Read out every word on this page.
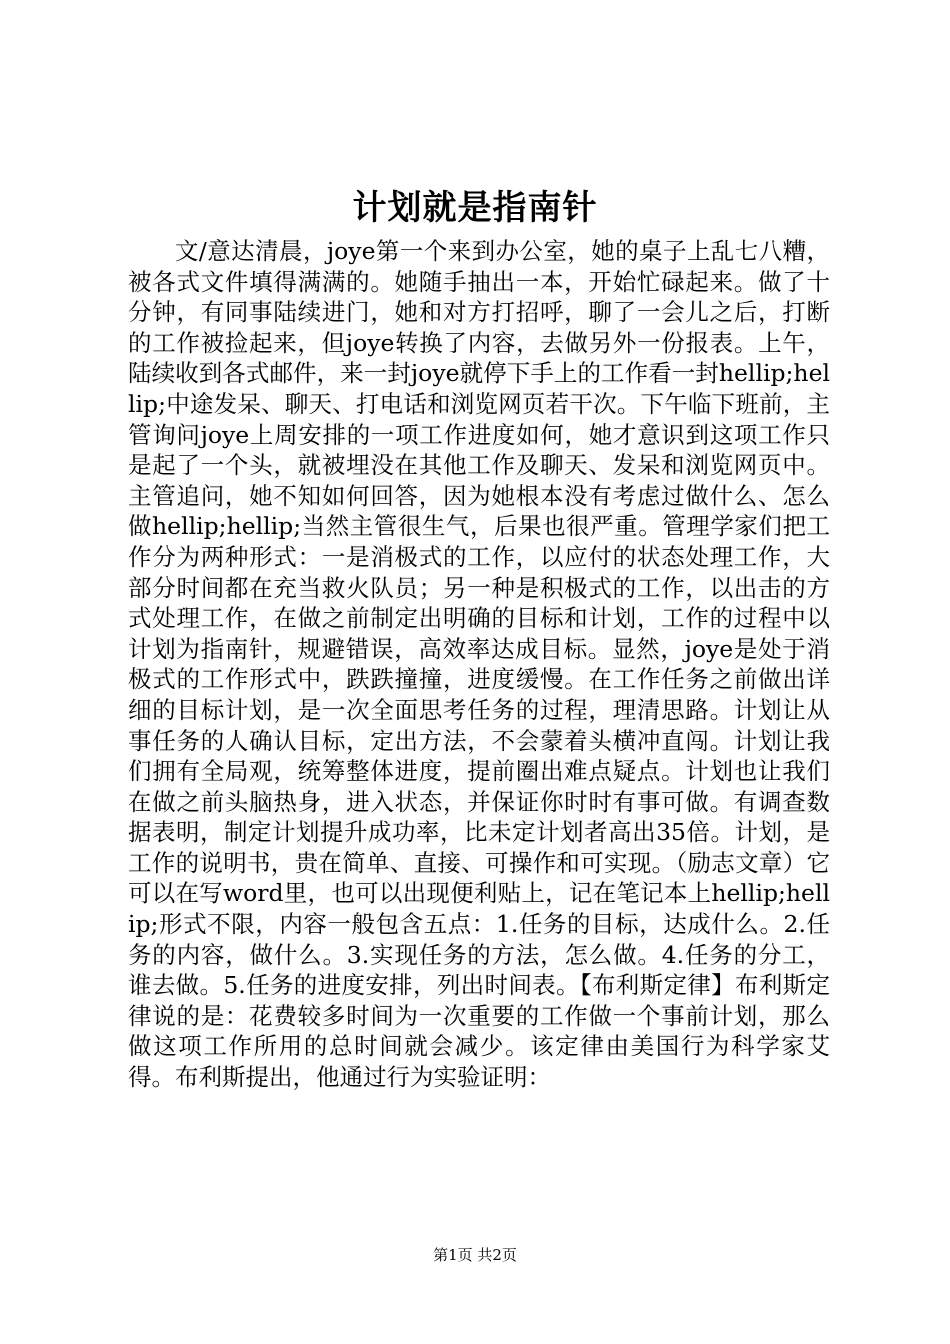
计划就是指南针

文/意达清晨，joye第一个来到办公室，她的桌子上乱七八糟，被各式文件填得满满的。她随手抽出一本，开始忙碌起来。做了十分钟，有同事陆续进门，她和对方打招呼，聊了一会儿之后，打断的工作被捡起来，但joye转换了内容，去做另外一份报表。上午，陆续收到各式邮件，来一封joye就停下手上的工作看一封hellip;hellip;中途发呆、聊天、打电话和浏览网页若干次。下午临下班前，主管询问joye上周安排的一项工作进度如何，她才意识到这项工作只是起了一个头，就被埋没在其他工作及聊天、发呆和浏览网页中。主管追问，她不知如何回答，因为她根本没有考虑过做什么、怎么做hellip;hellip;当然主管很生气，后果也很严重。管理学家们把工作分为两种形式：一是消极式的工作，以应付的状态处理工作，大部分时间都在充当救火队员；另一种是积极式的工作，以出击的方式处理工作，在做之前制定出明确的目标和计划，工作的过程中以计划为指南针，规避错误，高效率达成目标。显然，joye是处于消极式的工作形式中，跌跌撞撞，进度缓慢。在工作任务之前做出详细的目标计划，是一次全面思考任务的过程，理清思路。计划让从事任务的人确认目标，定出方法，不会蒙着头横冲直闯。计划让我们拥有全局观，统筹整体进度，提前圈出难点疑点。计划也让我们在做之前头脑热身，进入状态，并保证你时时有事可做。有调查数据表明，制定计划提升成功率，比未定计划者高出35倍。计划，是工作的说明书，贵在简单、直接、可操作和可实现。（励志文章）它可以在写word里，也可以出现便利贴上，记在笔记本上hellip;hellip;形式不限，内容一般包含五点：1.任务的目标，达成什么。2.任务的内容，做什么。3.实现任务的方法，怎么做。4.任务的分工，谁去做。5.任务的进度安排，列出时间表。【布利斯定律】布利斯定律说的是：花费较多时间为一次重要的工作做一个事前计划，那么做这项工作所用的总时间就会减少。该定律由美国行为科学家艾得。布利斯提出，他通过行为实验证明：

第1页 共2页
